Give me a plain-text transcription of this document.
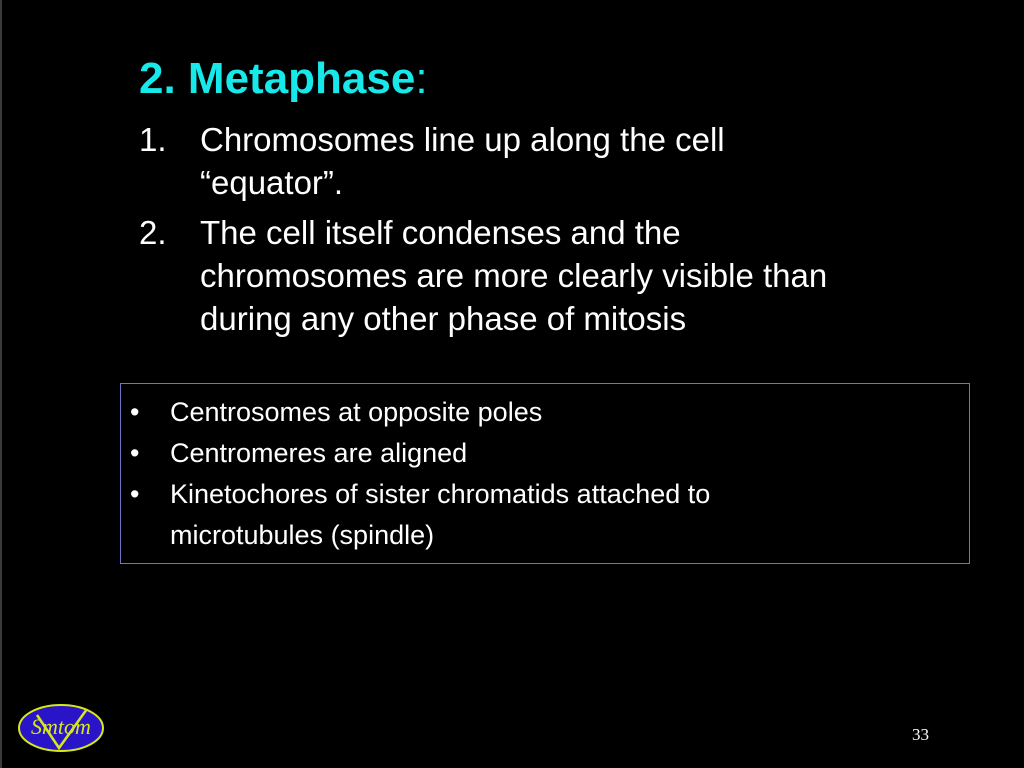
2. Metaphase:
1. Chromosomes line up along the cell
“equator”.
2. The cell itself condenses and the
chromosomes are more clearly visible than
during any other phase of mitosis
• Centrosomes at opposite poles
• Centromeres are aligned
• Kinetochores of sister chromatids attached to
microtubules (spindle)
Smtom	33
